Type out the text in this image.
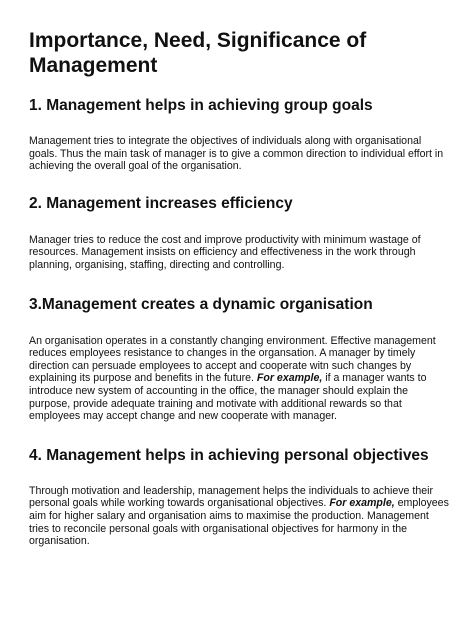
Importance, Need, Significance of
Management
1. Management helps in achieving group goals

Management tries to integrate the objectives of individuals along with organisational goals. Thus the main task of manager is to give a common direction to individual effort in achieving the overall goal of the organisation.

2. Management increases efficiency

Manager tries to reduce the cost and improve productivity with minimum wastage of resources. Management insists on efficiency and effectiveness in the work through planning, organising, staffing, directing and controlling.

3.Management creates a dynamic organisation

An organisation operates in a constantly changing environment. Effective management reduces employees resistance to changes in the organsation. A manager by timely direction can persuade employees to accept and cooperate witn such changes by explaining its purpose and benefits in the future. For example, if a manager wants to introduce new system of accounting in the office, the manager should explain the purpose, provide adequate training and motivate with additional rewards so that employees may accept change and new cooperate with manager.

4. Management helps in achieving personal objectives

Through motivation and leadership, management helps the individuals to achieve their personal goals while working towards organisational objectives. For example, employees aim for higher salary and organisation aims to maximise the production. Management tries to reconcile personal goals with organisational objectives for harmony in the organisation.
